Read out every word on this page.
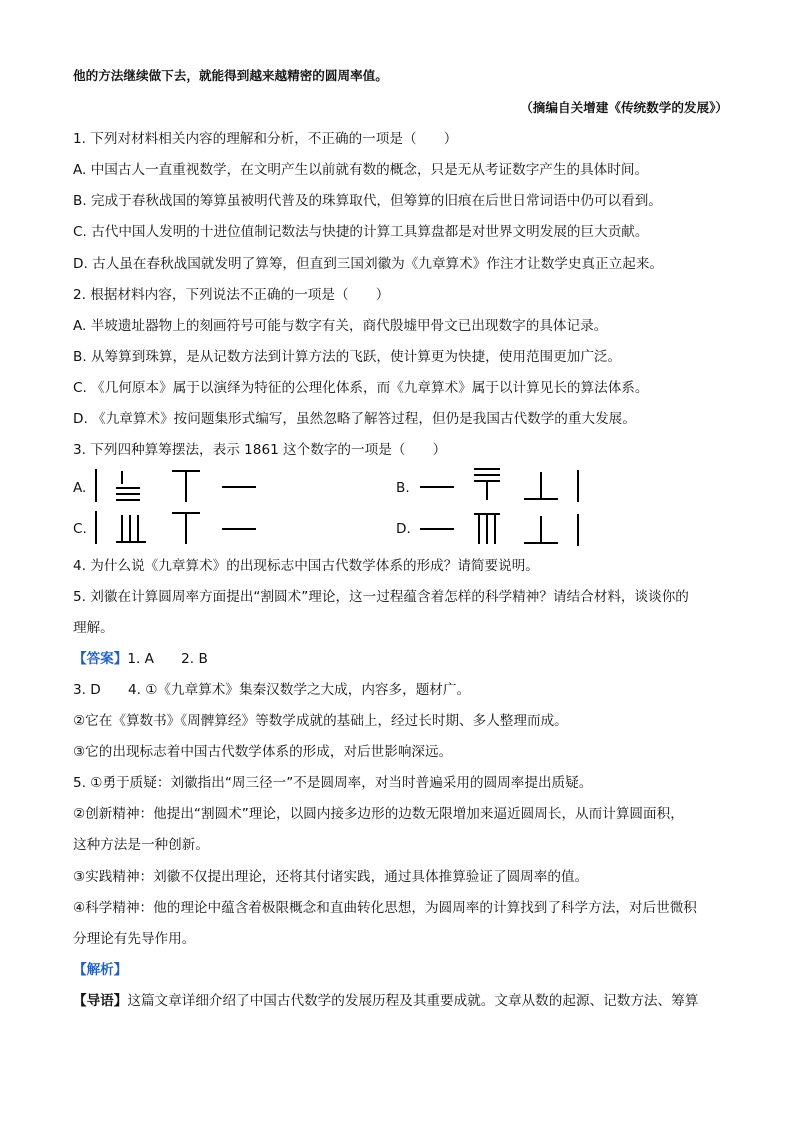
他的方法继续做下去，就能得到越来越精密的圆周率值。
（摘编自关增建《传统数学的发展》）
1. 下列对材料相关内容的理解和分析，不正确的一项是（　　）
A. 中国古人一直重视数学，在文明产生以前就有数的概念，只是无从考证数字产生的具体时间。
B. 完成于春秋战国的筹算虽被明代普及的珠算取代，但筹算的旧痕在后世日常词语中仍可以看到。
C. 古代中国人发明的十进位值制记数法与快捷的计算工具算盘都是对世界文明发展的巨大贡献。
D. 古人虽在春秋战国就发明了算筹，但直到三国刘徽为《九章算术》作注才让数学史真正立起来。
2. 根据材料内容，下列说法不正确的一项是（　　）
A. 半坡遗址器物上的刻画符号可能与数字有关，商代殷墟甲骨文已出现数字的具体记录。
B. 从筹算到珠算，是从记数方法到计算方法的飞跃，使计算更为快捷，使用范围更加广泛。
C. 《几何原本》属于以演绎为特征的公理化体系，而《九章算术》属于以计算见长的算法体系。
D. 《九章算术》按问题集形式编写，虽然忽略了解答过程，但仍是我国古代数学的重大发展。
3. 下列四种算筹摆法，表示 1861 这个数字的一项是（　　）
A.	B.
C.	D.
4. 为什么说《九章算术》的出现标志中国古代数学体系的形成？请简要说明。
5. 刘徽在计算圆周率方面提出“割圆术”理论，这一过程蕴含着怎样的科学精神？请结合材料，谈谈你的
理解。
【答案】1. A　　2. B
3. D　　4. ①《九章算术》集秦汉数学之大成，内容多，题材广。
②它在《算数书》《周髀算经》等数学成就的基础上，经过长时期、多人整理而成。
③它的出现标志着中国古代数学体系的形成，对后世影响深远。
5. ①勇于质疑：刘徽指出“周三径一”不是圆周率，对当时普遍采用的圆周率提出质疑。
②创新精神：他提出“割圆术”理论，以圆内接多边形的边数无限增加来逼近圆周长，从而计算圆面积，
这种方法是一种创新。
③实践精神：刘徽不仅提出理论，还将其付诸实践，通过具体推算验证了圆周率的值。
④科学精神：他的理论中蕴含着极限概念和直曲转化思想，为圆周率的计算找到了科学方法，对后世微积
分理论有先导作用。
【解析】
【导语】这篇文章详细介绍了中国古代数学的发展历程及其重要成就。文章从数的起源、记数方法、筹算
